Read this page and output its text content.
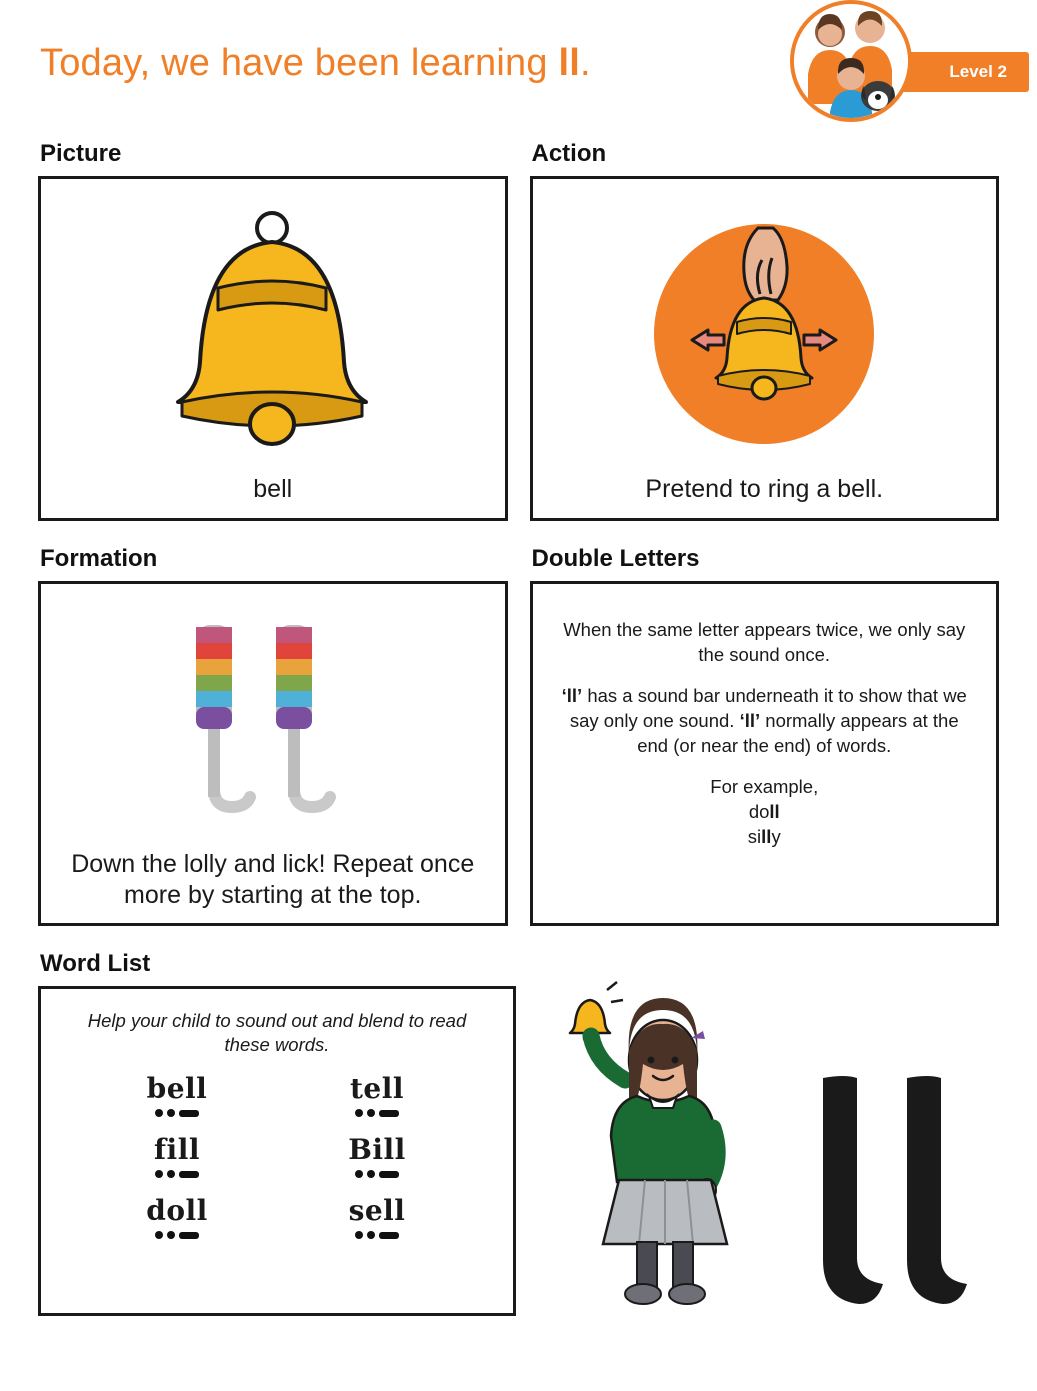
Today, we have been learning ll.	Level 2
Picture
bell
Action
Pretend to ring a bell.
Formation
Down the lolly and lick! Repeat once more by starting at the top.
Double Letters

When the same letter appears twice, we only say the sound once.

‘ll’ has a sound bar underneath it to show that we say only one sound. ‘ll’ normally appears at the end (or near the end) of words.

For example,
doll
silly

Word List
Help your child to sound out and blend to read these words.
bell	tell
fill	Bill
doll	sell
